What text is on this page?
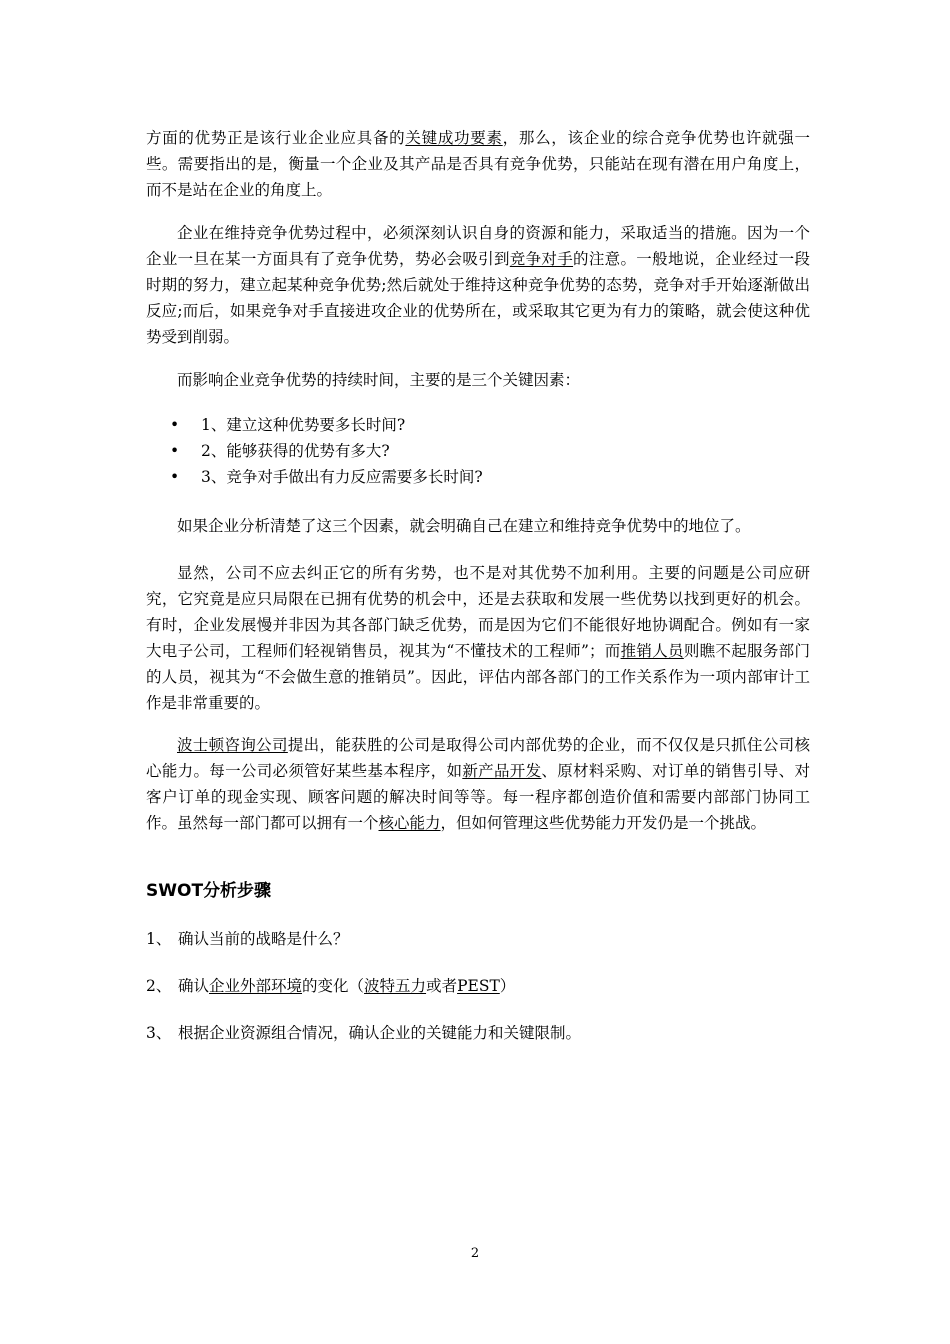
方面的优势正是该行业企业应具备的关键成功要素，那么，该企业的综合竞争优势也许就强一些。需要指出的是，衡量一个企业及其产品是否具有竞争优势，只能站在现有潜在用户角度上，而不是站在企业的角度上。

企业在维持竞争优势过程中，必须深刻认识自身的资源和能力，采取适当的措施。因为一个企业一旦在某一方面具有了竞争优势，势必会吸引到竞争对手的注意。一般地说，企业经过一段时期的努力，建立起某种竞争优势;然后就处于维持这种竞争优势的态势，竞争对手开始逐渐做出反应;而后，如果竞争对手直接进攻企业的优势所在，或采取其它更为有力的策略，就会使这种优势受到削弱。

而影响企业竞争优势的持续时间，主要的是三个关键因素：

• 1、建立这种优势要多长时间?
• 2、能够获得的优势有多大?
• 3、竞争对手做出有力反应需要多长时间?

如果企业分析清楚了这三个因素，就会明确自己在建立和维持竞争优势中的地位了。

显然，公司不应去纠正它的所有劣势，也不是对其优势不加利用。主要的问题是公司应研究，它究竟是应只局限在已拥有优势的机会中，还是去获取和发展一些优势以找到更好的机会。有时，企业发展慢并非因为其各部门缺乏优势，而是因为它们不能很好地协调配合。例如有一家大电子公司，工程师们轻视销售员，视其为“不懂技术的工程师”；而推销人员则瞧不起服务部门的人员，视其为“不会做生意的推销员”。因此，评估内部各部门的工作关系作为一项内部审计工作是非常重要的。

波士顿咨询公司提出，能获胜的公司是取得公司内部优势的企业，而不仅仅是只抓住公司核心能力。每一公司必须管好某些基本程序，如新产品开发、原材料采购、对订单的销售引导、对客户订单的现金实现、顾客问题的解决时间等等。每一程序都创造价值和需要内部部门协同工作。虽然每一部门都可以拥有一个核心能力，但如何管理这些优势能力开发仍是一个挑战。

SWOT分析步骤

1、 确认当前的战略是什么？

2、 确认企业外部环境的变化（波特五力或者PEST）

3、 根据企业资源组合情况，确认企业的关键能力和关键限制。

2
